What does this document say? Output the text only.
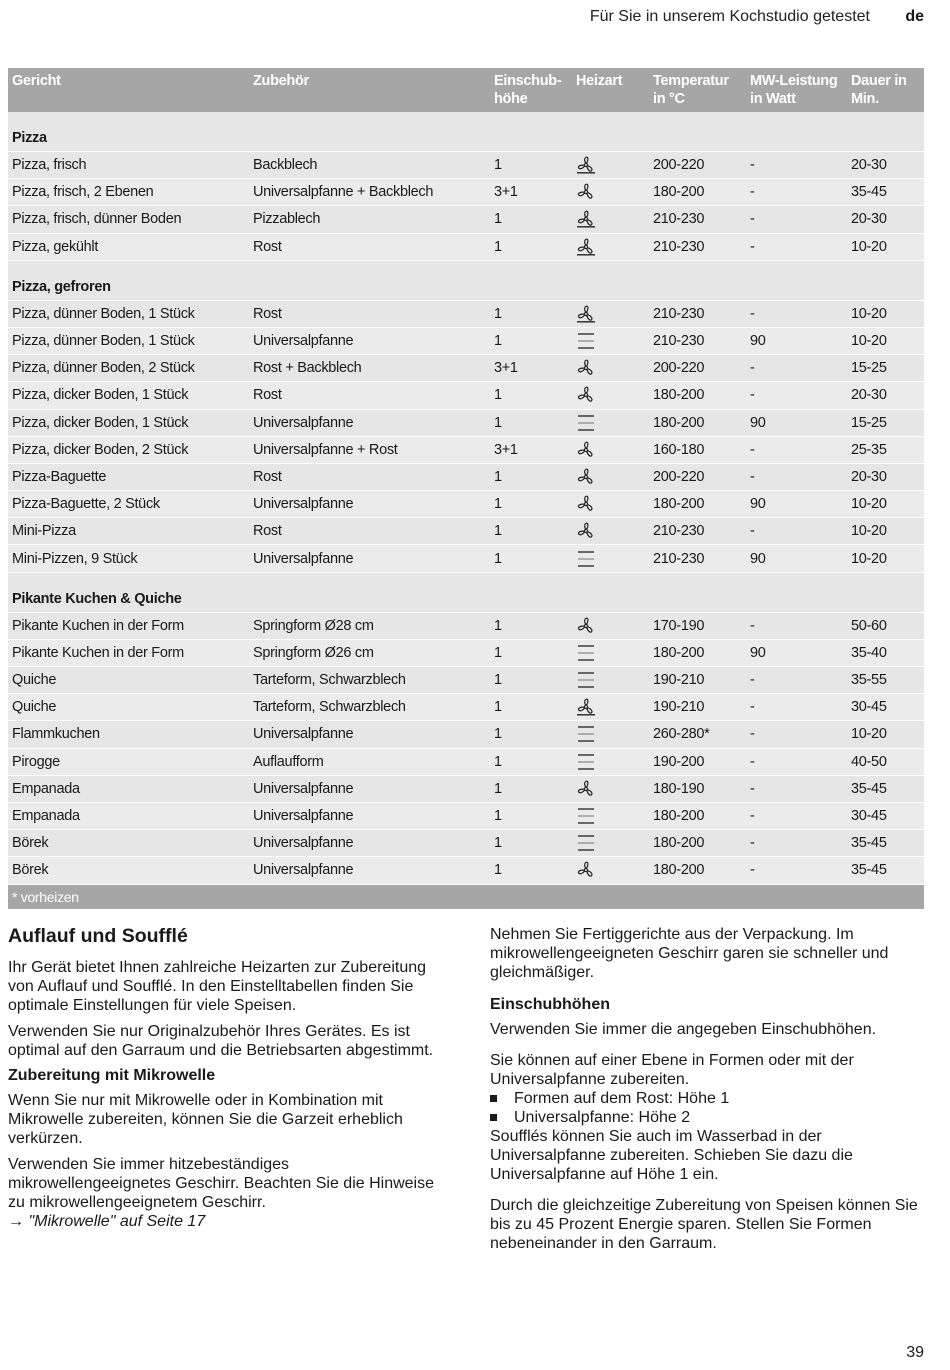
Für Sie in unserem Kochstudio getestet de
Gericht	Zubehör	Einschub-höhe	Heizart	Temperatur in °C	MW-Leistung in Watt	Dauer in Min.
Pizza						
Pizza, frisch	Backblech	1		200-220	-	20-30
Pizza, frisch, 2 Ebenen	Universalpfanne + Backblech	3+1		180-200	-	35-45
Pizza, frisch, dünner Boden	Pizzablech	1		210-230	-	20-30
Pizza, gekühlt	Rost	1		210-230	-	10-20
Pizza, gefroren						
Pizza, dünner Boden, 1 Stück	Rost	1		210-230	-	10-20
Pizza, dünner Boden, 1 Stück	Universalpfanne	1		210-230	90	10-20
Pizza, dünner Boden, 2 Stück	Rost + Backblech	3+1		200-220	-	15-25
Pizza, dicker Boden, 1 Stück	Rost	1		180-200	-	20-30
Pizza, dicker Boden, 1 Stück	Universalpfanne	1		180-200	90	15-25
Pizza, dicker Boden, 2 Stück	Universalpfanne + Rost	3+1		160-180	-	25-35
Pizza-Baguette	Rost	1		200-220	-	20-30
Pizza-Baguette, 2 Stück	Universalpfanne	1		180-200	90	10-20
Mini-Pizza	Rost	1		210-230	-	10-20
Mini-Pizzen, 9 Stück	Universalpfanne	1		210-230	90	10-20
Pikante Kuchen & Quiche						
Pikante Kuchen in der Form	Springform Ø28 cm	1		170-190	-	50-60
Pikante Kuchen in der Form	Springform Ø26 cm	1		180-200	90	35-40
Quiche	Tarteform, Schwarzblech	1		190-210	-	35-55
Quiche	Tarteform, Schwarzblech	1		190-210	-	30-45
Flammkuchen	Universalpfanne	1		260-280*	-	10-20
Pirogge	Auflaufform	1		190-200	-	40-50
Empanada	Universalpfanne	1		180-190	-	35-45
Empanada	Universalpfanne	1		180-200	-	30-45
Börek	Universalpfanne	1		180-200	-	35-45
Börek	Universalpfanne	1		180-200	-	35-45
* vorheizen						
Auflauf und Soufflé

Ihr Gerät bietet Ihnen zahlreiche Heizarten zur Zubereitung von Auflauf und Soufflé. In den Einstelltabellen finden Sie optimale Einstellungen für viele Speisen.

Verwenden Sie nur Originalzubehör Ihres Gerätes. Es ist optimal auf den Garraum und die Betriebsarten abgestimmt.

Zubereitung mit Mikrowelle

Wenn Sie nur mit Mikrowelle oder in Kombination mit Mikrowelle zubereiten, können Sie die Garzeit erheblich verkürzen.

Verwenden Sie immer hitzebeständiges mikrowellengeeignetes Geschirr. Beachten Sie die Hinweise zu mikrowellengeeignetem Geschirr.
→ "Mikrowelle" auf Seite 17

Nehmen Sie Fertiggerichte aus der Verpackung. Im mikrowellengeeigneten Geschirr garen sie schneller und gleichmäßiger.

Einschubhöhen

Verwenden Sie immer die angegeben Einschubhöhen.

Sie können auf einer Ebene in Formen oder mit der Universalpfanne zubereiten.

Formen auf dem Rost: Höhe 1
Universalpfanne: Höhe 2

Soufflés können Sie auch im Wasserbad in der Universalpfanne zubereiten. Schieben Sie dazu die Universalpfanne auf Höhe 1 ein.

Durch die gleichzeitige Zubereitung von Speisen können Sie bis zu 45 Prozent Energie sparen. Stellen Sie Formen nebeneinander in den Garraum.

39
